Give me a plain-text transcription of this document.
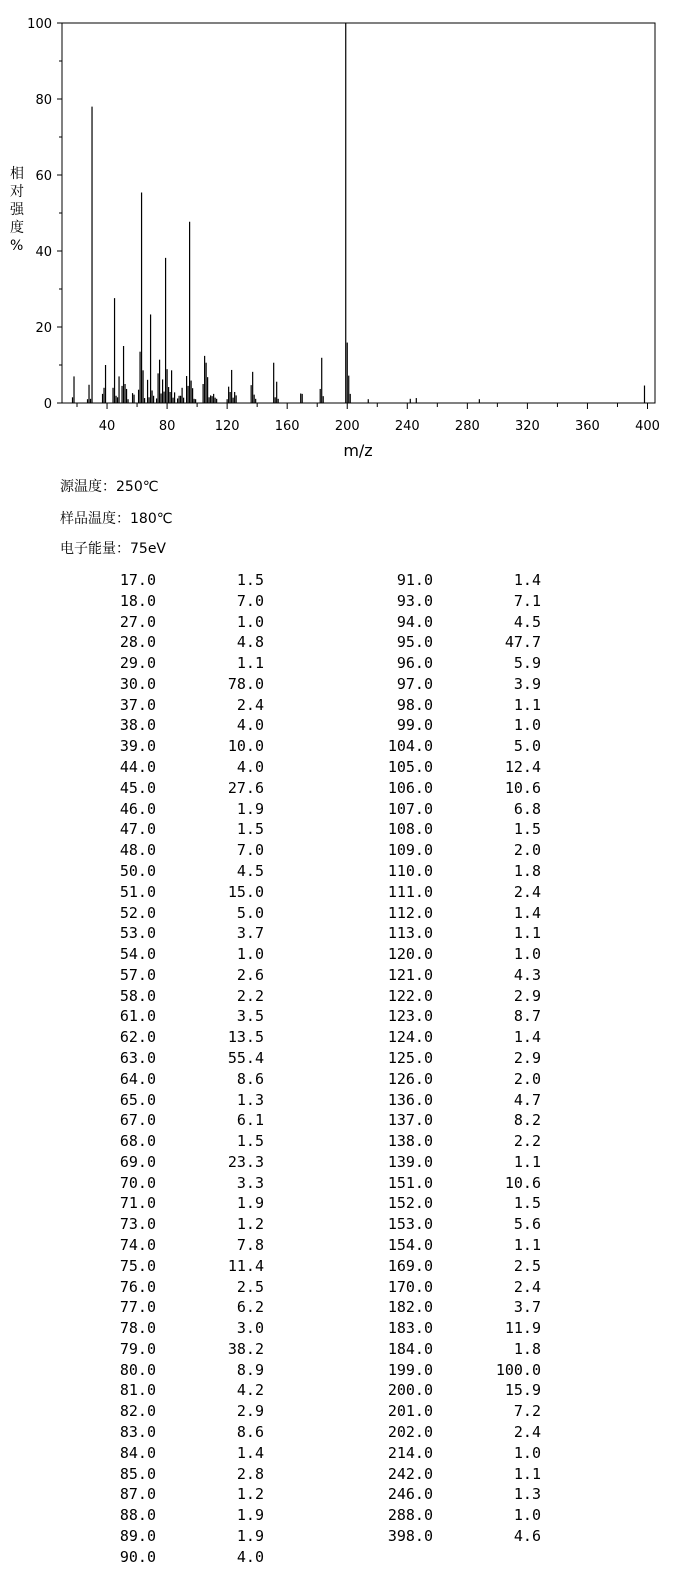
0
20
40
60
80
100
40	80	120	160	200	240	280	320	360	400
m/z
相对强度%
源温度：250℃
样品温度：180℃
电子能量：75eV
17.0	1.5
18.0	7.0
27.0	1.0
28.0	4.8
29.0	1.1
30.0	78.0
37.0	2.4
38.0	4.0
39.0	10.0
44.0	4.0
45.0	27.6
46.0	1.9
47.0	1.5
48.0	7.0
50.0	4.5
51.0	15.0
52.0	5.0
53.0	3.7
54.0	1.0
57.0	2.6
58.0	2.2
61.0	3.5
62.0	13.5
63.0	55.4
64.0	8.6
65.0	1.3
67.0	6.1
68.0	1.5
69.0	23.3
70.0	3.3
71.0	1.9
73.0	1.2
74.0	7.8
75.0	11.4
76.0	2.5
77.0	6.2
78.0	3.0
79.0	38.2
80.0	8.9
81.0	4.2
82.0	2.9
83.0	8.6
84.0	1.4
85.0	2.8
87.0	1.2
88.0	1.9
89.0	1.9
90.0	4.0
91.0	1.4
93.0	7.1
94.0	4.5
95.0	47.7
96.0	5.9
97.0	3.9
98.0	1.1
99.0	1.0
104.0	5.0
105.0	12.4
106.0	10.6
107.0	6.8
108.0	1.5
109.0	2.0
110.0	1.8
111.0	2.4
112.0	1.4
113.0	1.1
120.0	1.0
121.0	4.3
122.0	2.9
123.0	8.7
124.0	1.4
125.0	2.9
126.0	2.0
136.0	4.7
137.0	8.2
138.0	2.2
139.0	1.1
151.0	10.6
152.0	1.5
153.0	5.6
154.0	1.1
169.0	2.5
170.0	2.4
182.0	3.7
183.0	11.9
184.0	1.8
199.0	100.0
200.0	15.9
201.0	7.2
202.0	2.4
214.0	1.0
242.0	1.1
246.0	1.3
288.0	1.0
398.0	4.6
